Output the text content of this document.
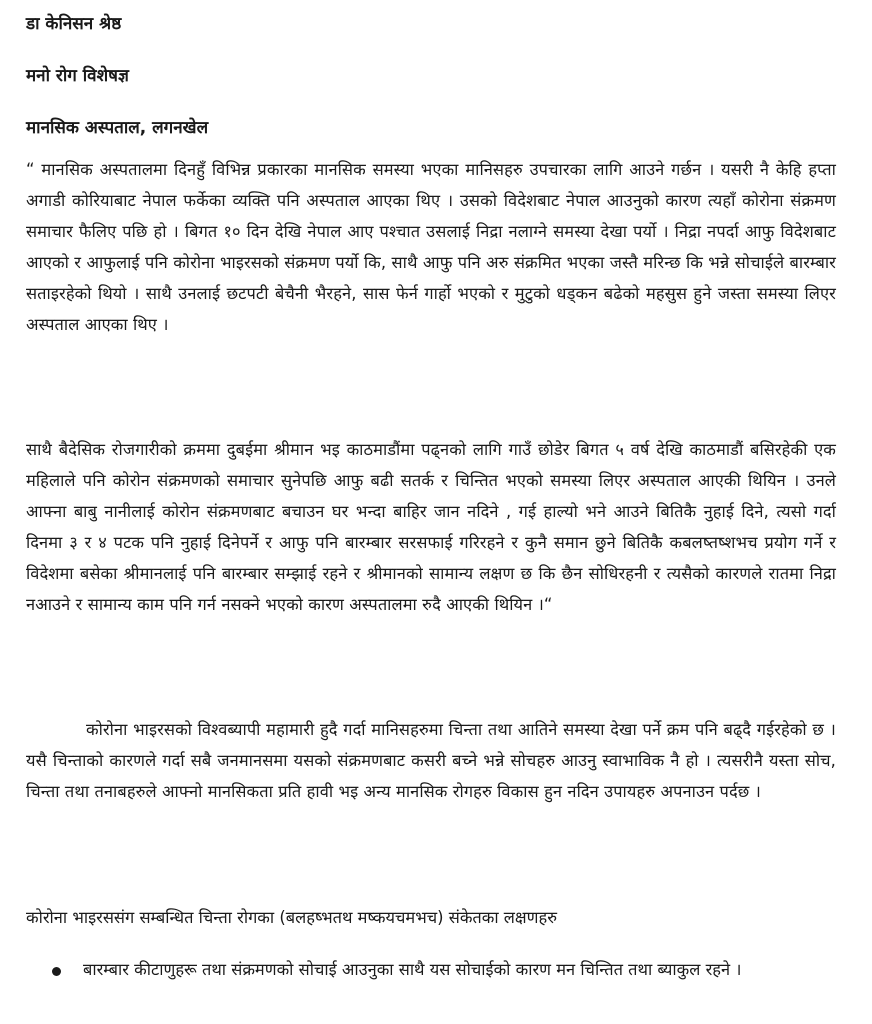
डा केनिसन श्रेष्ठ

मनो रोग विशेषज्ञ

मानसिक अस्पताल, लगनखेल

“ मानसिक अस्पतालमा दिनहुँ विभिन्न प्रकारका मानसिक समस्या भएका मानिसहरु उपचारका लागि आउने गर्छन । यसरी नै केहि हप्ता अगाडी कोरियाबाट नेपाल फर्केका व्यक्ति पनि अस्पताल आएका थिए । उसको विदेशबाट नेपाल आउनुको कारण त्यहाँ कोरोना संक्रमण समाचार फैलिए पछि हो । बिगत १० दिन देखि नेपाल आए पश्चात उसलाई निद्रा नलाग्ने समस्या देखा पर्यो । निद्रा नपर्दा आफु विदेशबाट आएको र आफुलाई पनि कोरोना भाइरसको संक्रमण पर्यो कि, साथै आफु पनि अरु संक्रमित भएका जस्तै मरिन्छ कि भन्ने सोचाईले बारम्बार सताइरहेको थियो । साथै उनलाई छटपटी बेचैनी भैरहने, सास फेर्न गार्हो भएको र मुटुको धड्कन बढेको महसुस हुने जस्ता समस्या लिएर अस्पताल आएका थिए ।

साथै बैदेसिक रोजगारीको क्रममा दुबईमा श्रीमान भइ काठमाडौंमा पढ्नको लागि गाउँ छोडेर बिगत ५ वर्ष देखि काठमाडौं बसिरहेकी एक महिलाले पनि कोरोन संक्रमणको समाचार सुनेपछि आफु बढी सतर्क र चिन्तित भएको समस्या लिएर अस्पताल आएकी थियिन । उनले आफ्ना बाबु नानीलाई कोरोन संक्रमणबाट बचाउन घर भन्दा बाहिर जान नदिने , गई हाल्यो भने आउने बितिकै नुहाई दिने, त्यसो गर्दा दिनमा ३ र ४ पटक पनि नुहाई दिनेपर्ने र आफु पनि बारम्बार सरसफाई गरिरहने र कुनै समान छुने बितिकै कबलष्तष्शभच प्रयोग गर्ने र विदेशमा बसेका श्रीमानलाई पनि बारम्बार सम्झाई रहने र श्रीमानको सामान्य लक्षण छ कि छैन सोधिरहनी र त्यसैको कारणले रातमा निद्रा नआउने र सामान्य काम पनि गर्न नसक्ने भएको कारण अस्पतालमा रुदै आएकी थियिन ।“

कोरोना भाइरसको विश्वब्यापी महामारी हुदै गर्दा मानिसहरुमा चिन्ता तथा आतिने समस्या देखा पर्ने क्रम पनि बढ्दै गईरहेको छ । यसै चिन्ताको कारणले गर्दा सबै जनमानसमा यसको संक्रमणबाट कसरी बच्ने भन्ने सोचहरु आउनु स्वाभाविक नै हो । त्यसरीनै यस्ता सोच, चिन्ता तथा तनाबहरुले आफ्नो मानसिकता प्रति हावी भइ अन्य मानसिक रोगहरु विकास हुन नदिन उपायहरु अपनाउन पर्दछ ।

कोरोना भाइरससंग सम्बन्धित चिन्ता रोगका (बलहष्भतथ मष्कयचमभच) संकेतका लक्षणहरु

बारम्बार कीटाणुहरू तथा संक्रमणको सोचाई आउनुका साथै यस सोचाईको कारण मन चिन्तित तथा ब्याकुल रहने ।
